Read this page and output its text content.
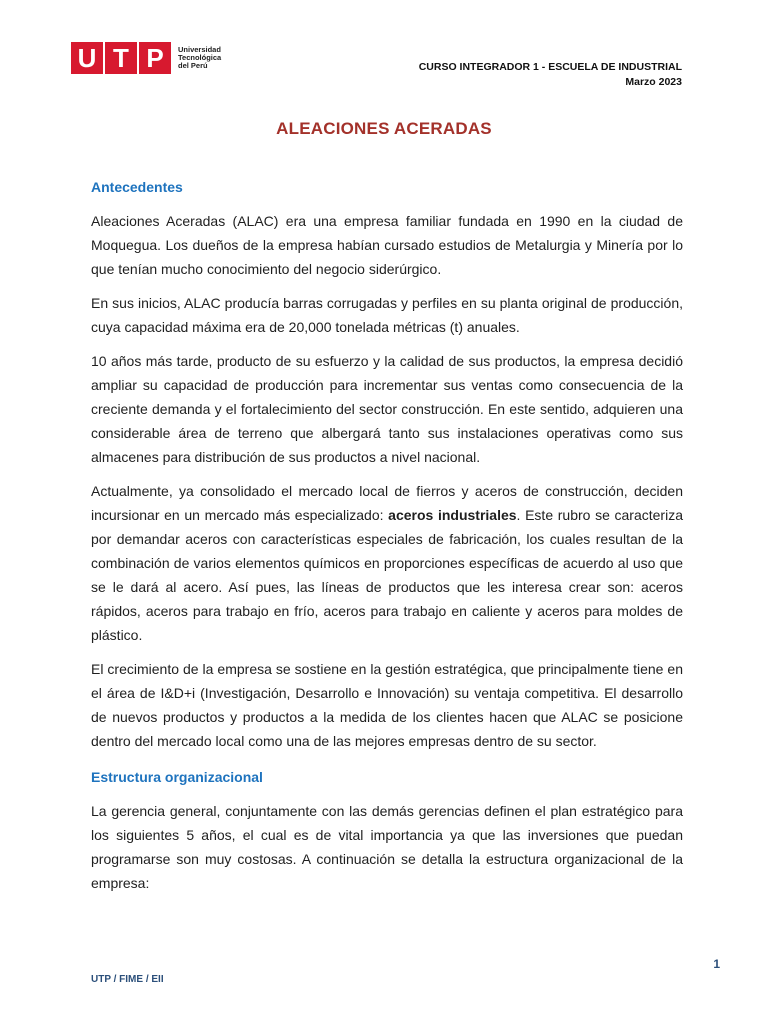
U T P	Universidad
Tecnológica
del Perú	CURSO INTEGRADOR 1 - ESCUELA DE INDUSTRIAL
Marzo 2023
ALEACIONES ACERADAS
Antecedentes

Aleaciones Aceradas (ALAC) era una empresa familiar fundada en 1990 en la ciudad de Moquegua. Los dueños de la empresa habían cursado estudios de Metalurgia y Minería por lo que tenían mucho conocimiento del negocio siderúrgico.

En sus inicios, ALAC producía barras corrugadas y perfiles en su planta original de producción, cuya capacidad máxima era de 20,000 tonelada métricas (t) anuales.

10 años más tarde, producto de su esfuerzo y la calidad de sus productos, la empresa decidió ampliar su capacidad de producción para incrementar sus ventas como consecuencia de la creciente demanda y el fortalecimiento del sector construcción. En este sentido, adquieren una considerable área de terreno que albergará tanto sus instalaciones operativas como sus almacenes para distribución de sus productos a nivel nacional.

Actualmente, ya consolidado el mercado local de fierros y aceros de construcción, deciden incursionar en un mercado más especializado: aceros industriales. Este rubro se caracteriza por demandar aceros con características especiales de fabricación, los cuales resultan de la combinación de varios elementos químicos en proporciones específicas de acuerdo al uso que se le dará al acero. Así pues, las líneas de productos que les interesa crear son: aceros rápidos, aceros para trabajo en frío, aceros para trabajo en caliente y aceros para moldes de plástico.

El crecimiento de la empresa se sostiene en la gestión estratégica, que principalmente tiene en el área de I&D+i (Investigación, Desarrollo e Innovación) su ventaja competitiva. El desarrollo de nuevos productos y productos a la medida de los clientes hacen que ALAC se posicione dentro del mercado local como una de las mejores empresas dentro de su sector.

Estructura organizacional

La gerencia general, conjuntamente con las demás gerencias definen el plan estratégico para los siguientes 5 años, el cual es de vital importancia ya que las inversiones que puedan programarse son muy costosas. A continuación se detalla la estructura organizacional de la empresa:

1
UTP / FIME / EII
